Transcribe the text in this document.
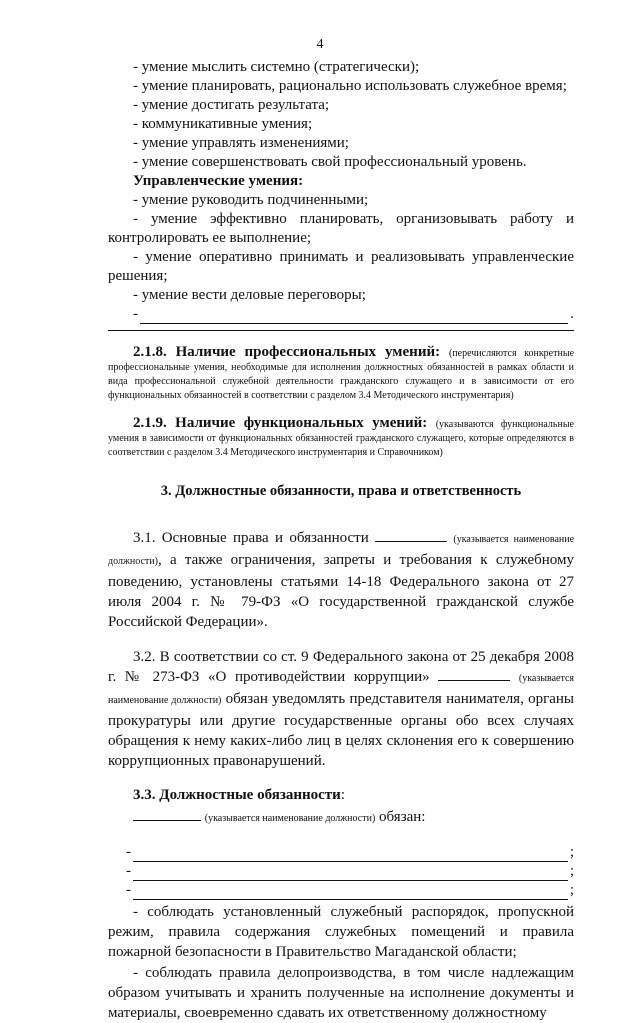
4

- умение мыслить системно (стратегически);

- умение планировать, рационально использовать служебное время;

- умение достигать результата;

- коммуникативные умения;

- умение управлять изменениями;

- умение совершенствовать свой профессиональный уровень.

Управленческие умения:

- умение руководить подчиненными;

- умение эффективно планировать, организовывать работу и

контролировать ее выполнение;

- умение оперативно принимать и реализовывать управленческие

решения;

- умение вести деловые переговоры;

-	.

2.1.8. Наличие профессиональных умений: (перечисляются конкретные профессиональные умения, необходимые для исполнения должностных обязанностей в рамках области и вида профессиональной служебной деятельности гражданского служащего и в зависимости от его функциональных обязанностей в соответствии с разделом 3.4 Методического инструментария)

2.1.9. Наличие функциональных умений: (указываются функциональные умения в зависимости от функциональных обязанностей гражданского служащего, которые определяются в соответствии с разделом 3.4 Методического инструментария и Справочником)

3. Должностные обязанности, права и ответственность

3.1. Основные права и обязанности	(указывается наименование должности), а также ограничения, запреты и требования к служебному поведению, установлены статьями 14-18 Федерального закона от 27 июля 2004 г. № 79-ФЗ «О государственной гражданской службе Российской Федерации».

3.2. В соответствии со ст. 9 Федерального закона от 25 декабря 2008 г. № 273-ФЗ «О противодействии коррупции»	(указывается наименование должности) обязан уведомлять представителя нанимателя, органы прокуратуры или другие государственные органы обо всех случаях обращения к нему каких-либо лиц в целях склонения его к совершению коррупционных правонарушений.

3.3. Должностные обязанности:

(указывается наименование должности) обязан:

-	;
-	;
-	;

- соблюдать установленный служебный распорядок, пропускной режим, правила содержания служебных помещений и правила пожарной безопасности в Правительство Магаданской области;

- соблюдать правила делопроизводства, в том числе надлежащим образом учитывать и хранить полученные на исполнение документы и материалы, своевременно сдавать их ответственному должностному
